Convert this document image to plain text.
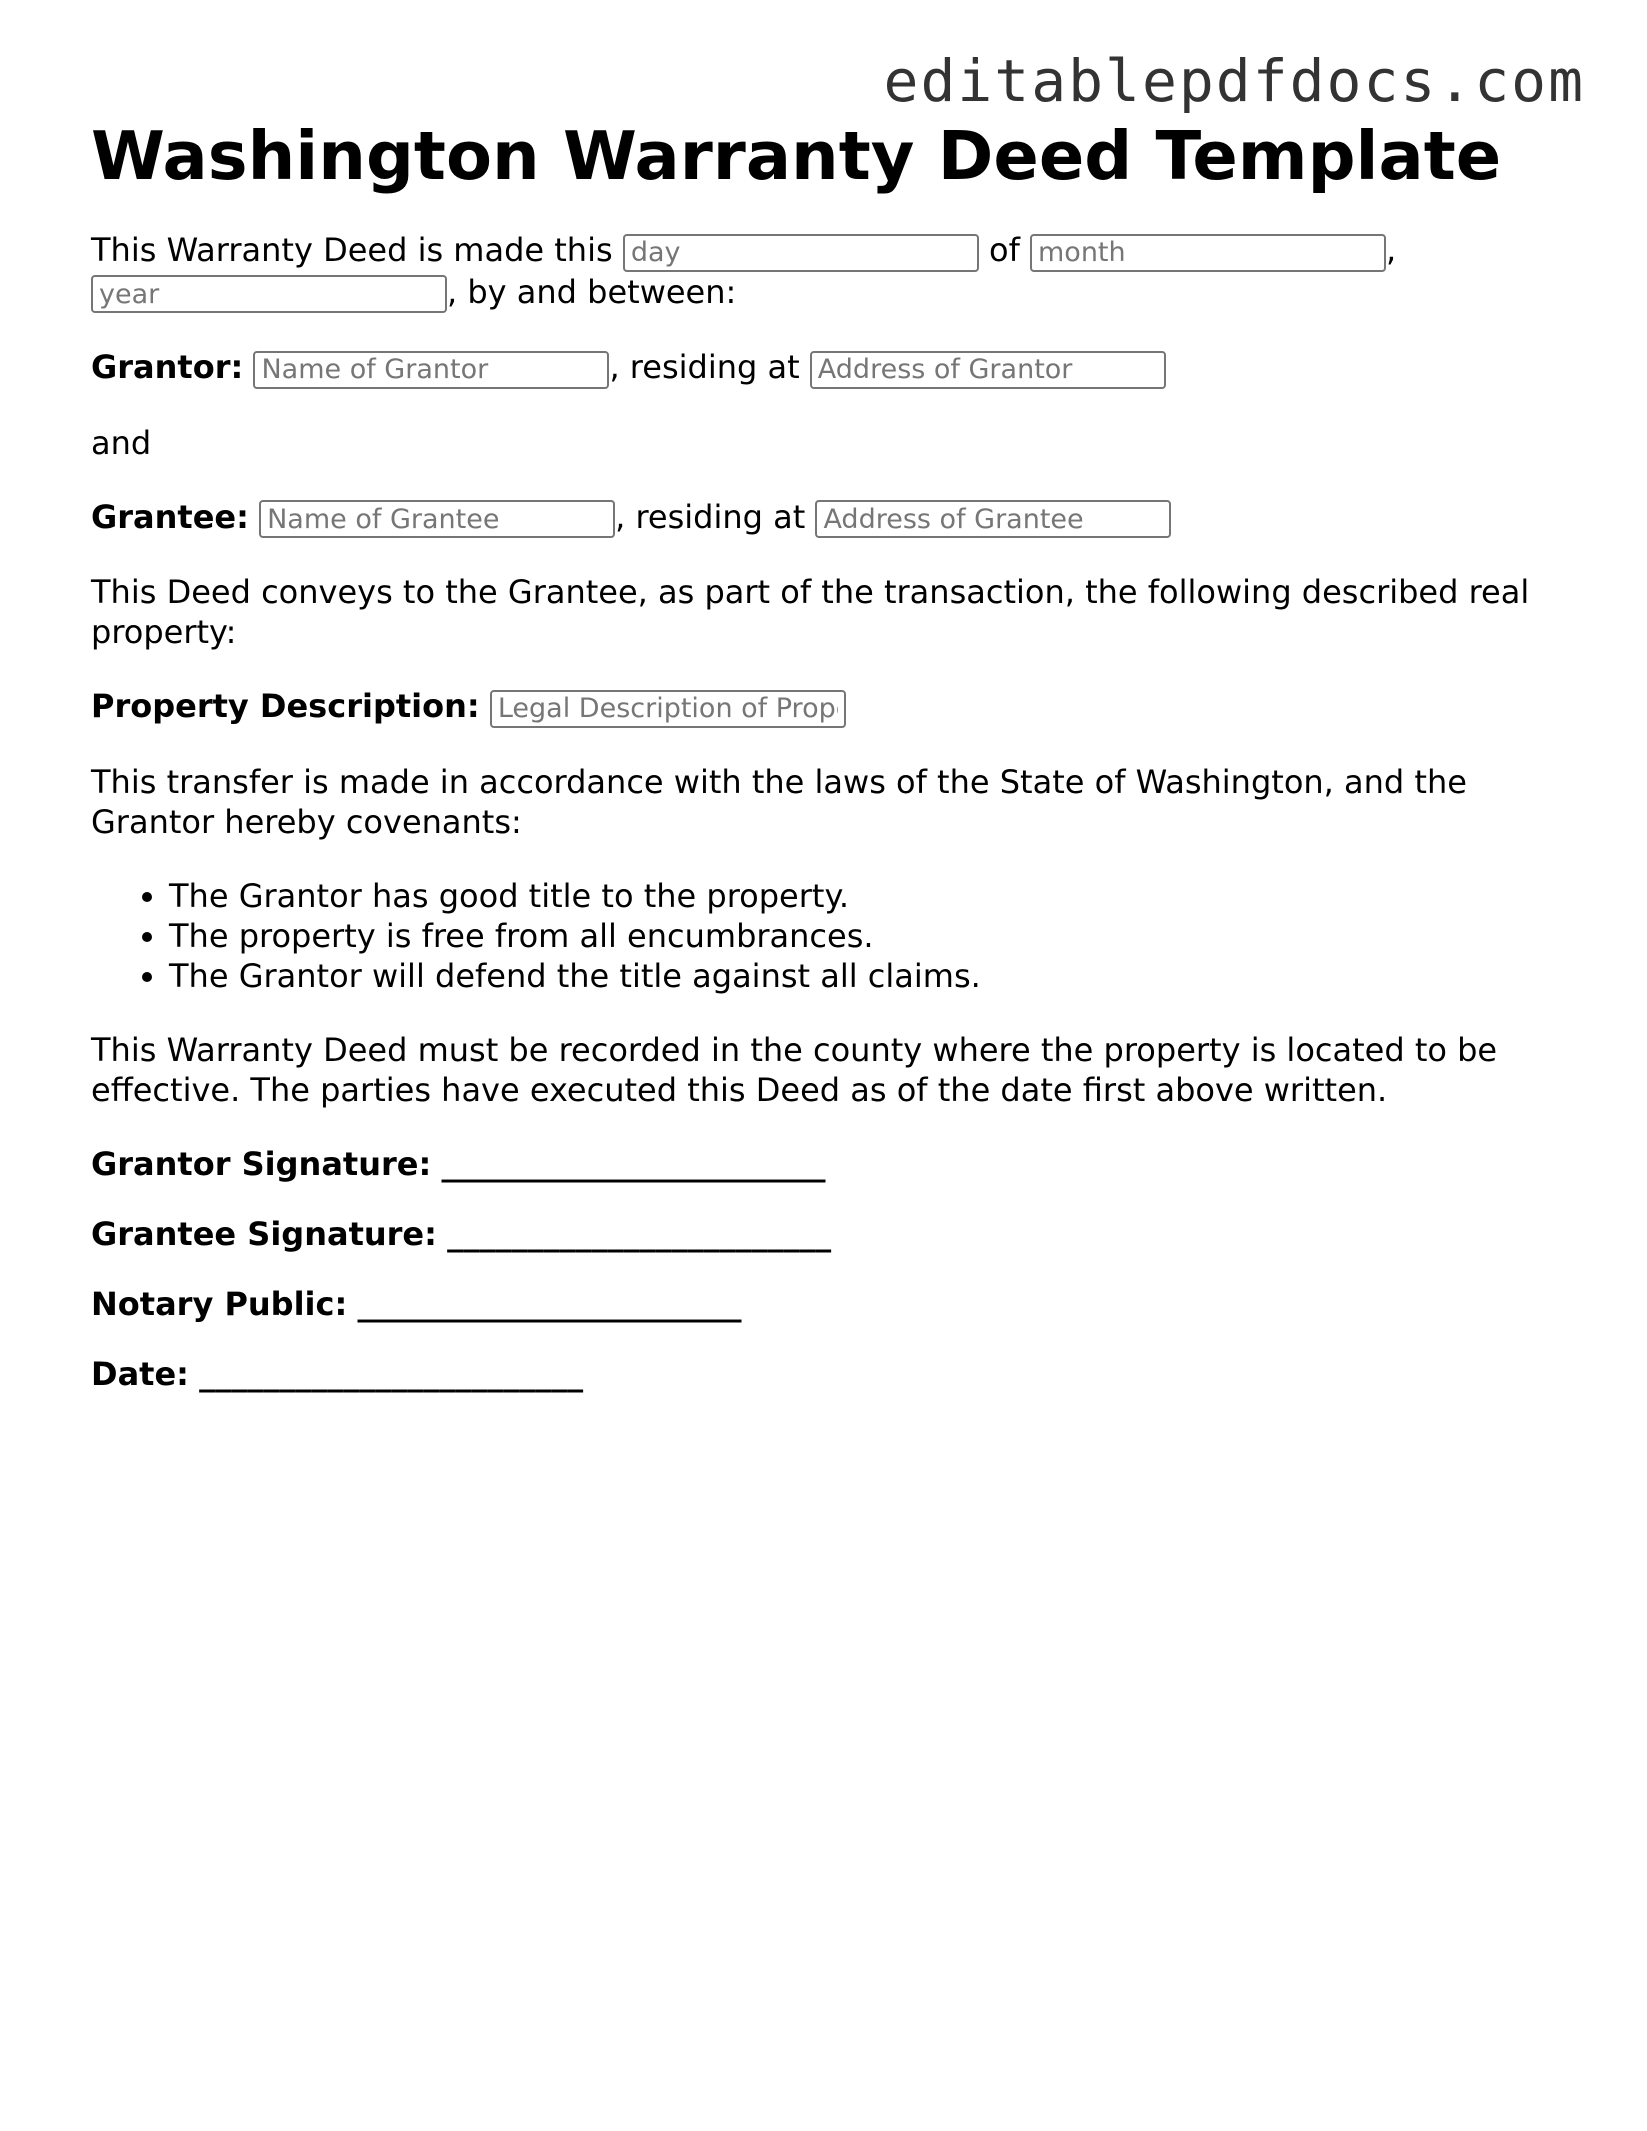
editablepdfdocs.com
Washington Warranty Deed Template

This Warranty Deed is made this day	of month	,
year, by and between:

Grantor: Name of Grantor	, residing at Address of Grantor

and

Grantee: Name of Grantee	, residing at Address of Grantee

This Deed conveys to the Grantee, as part of the transaction, the following described real property:

Property Description: Legal Description of Property

This transfer is made in accordance with the laws of the State of Washington, and the Grantor hereby covenants:

• The Grantor has good title to the property.
• The property is free from all encumbrances.
• The Grantor will defend the title against all claims.

This Warranty Deed must be recorded in the county where the property is located to be effective. The parties have executed this Deed as of the date first above written.

Grantor Signature: ________________________

Grantee Signature: ________________________

Notary Public: ________________________

Date: ________________________
